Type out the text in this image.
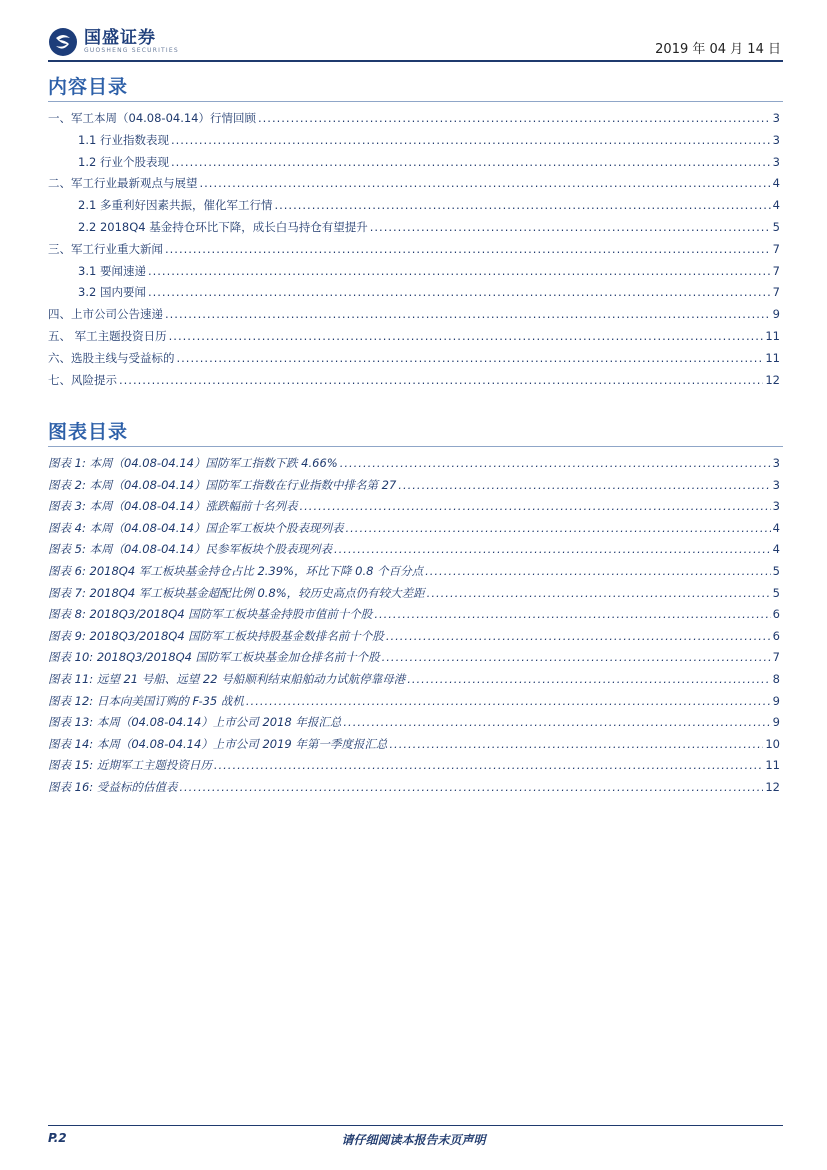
国盛证券
GUOSHENG SECURITIES	2019 年 04 月 14 日
内容目录
一、军工本周（04.08-04.14）行情回顾 .....	3
1.1 行业指数表现 .....	3
1.2 行业个股表现 .....	3
二、军工行业最新观点与展望 .....	4
2.1 多重利好因素共振，催化军工行情 .....	4
2.2 2018Q4 基金持仓环比下降，成长白马持仓有望提升 .....	5
三、军工行业重大新闻 .....	7
3.1 要闻速递 .....	7
3.2 国内要闻 .....	7
四、上市公司公告速递 .....	9
五、 军工主题投资日历 .....	11
六、选股主线与受益标的 .....	11
七、风险提示 .....	12
图表目录
图表 1: 本周（04.08-04.14）国防军工指数下跌 4.66% .....	3
图表 2: 本周（04.08-04.14）国防军工指数在行业指数中排名第 27 .....	3
图表 3: 本周（04.08-04.14）涨跌幅前十名列表 .....	3
图表 4: 本周（04.08-04.14）国企军工板块个股表现列表 .....	4
图表 5: 本周（04.08-04.14）民参军板块个股表现列表 .....	4
图表 6: 2018Q4 军工板块基金持仓占比 2.39%，环比下降 0.8 个百分点 .....	5
图表 7: 2018Q4 军工板块基金超配比例 0.8%，较历史高点仍有较大差距 .....	5
图表 8: 2018Q3/2018Q4 国防军工板块基金持股市值前十个股 .....	6
图表 9: 2018Q3/2018Q4 国防军工板块持股基金数排名前十个股 .....	6
图表 10: 2018Q3/2018Q4 国防军工板块基金加仓排名前十个股 .....	7
图表 11: 远望 21 号船、远望 22 号船顺利结束船舶动力试航停靠母港 .....	8
图表 12: 日本向美国订购的 F-35 战机 .....	9
图表 13: 本周（04.08-04.14）上市公司 2018 年报汇总 .....	9
图表 14: 本周（04.08-04.14）上市公司 2019 年第一季度报汇总 .....	10
图表 15: 近期军工主题投资日历 .....	11
图表 16: 受益标的估值表 .....	12
P.2	请仔细阅读本报告末页声明
